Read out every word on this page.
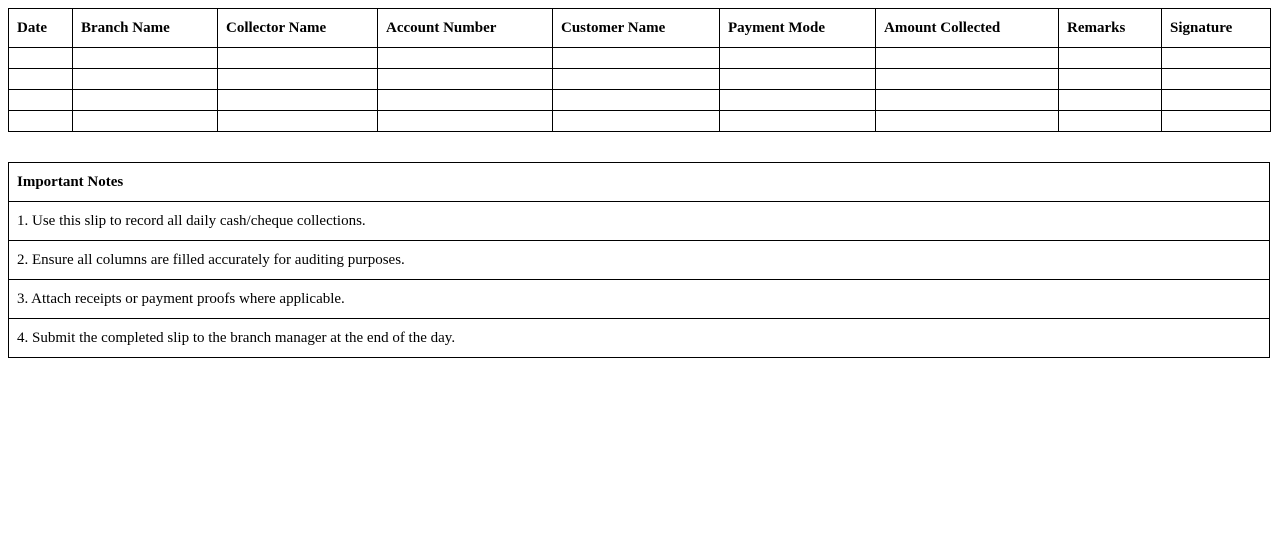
Date	Branch Name	Collector Name	Account Number	Customer Name	Payment Mode	Amount Collected	Remarks	Signature

Important Notes
1. Use this slip to record all daily cash/cheque collections.
2. Ensure all columns are filled accurately for auditing purposes.
3. Attach receipts or payment proofs where applicable.
4. Submit the completed slip to the branch manager at the end of the day.
